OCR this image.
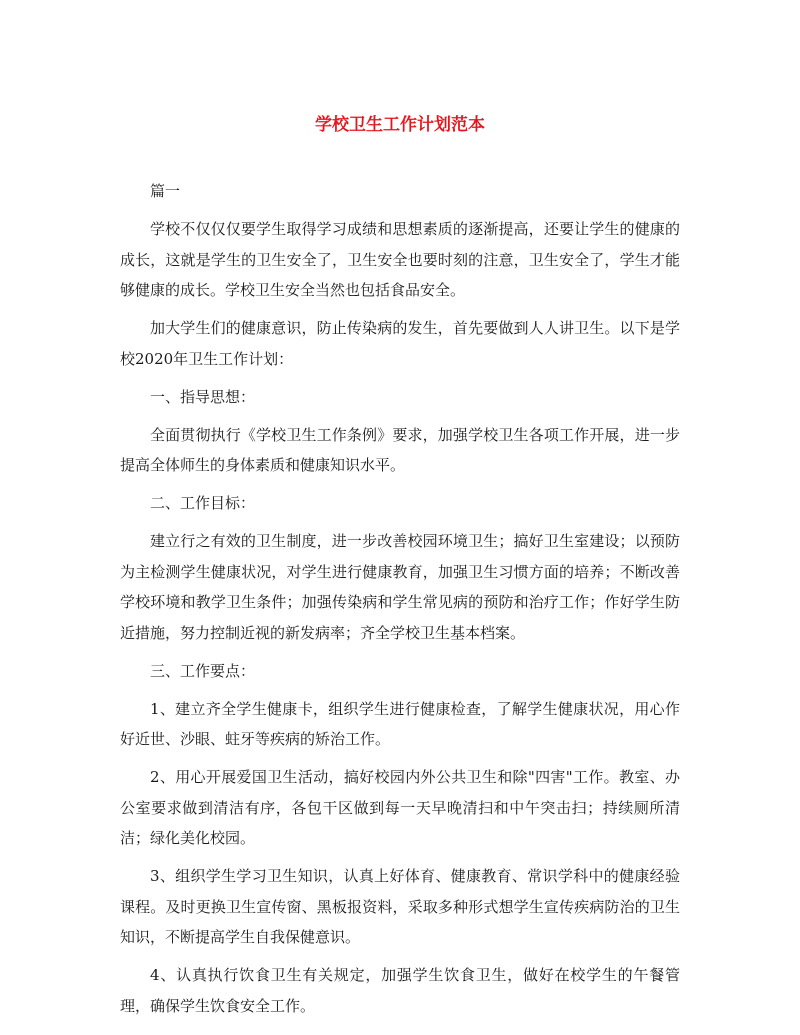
学校卫生工作计划范本

篇一

学校不仅仅仅要学生取得学习成绩和思想素质的逐渐提高，还要让学生的健康的成长，这就是学生的卫生安全了，卫生安全也要时刻的注意，卫生安全了，学生才能够健康的成长。学校卫生安全当然也包括食品安全。

加大学生们的健康意识，防止传染病的发生，首先要做到人人讲卫生。以下是学校2020年卫生工作计划：

一、指导思想：

全面贯彻执行《学校卫生工作条例》要求，加强学校卫生各项工作开展，进一步提高全体师生的身体素质和健康知识水平。

二、工作目标：

建立行之有效的卫生制度，进一步改善校园环境卫生；搞好卫生室建设；以预防为主检测学生健康状况，对学生进行健康教育，加强卫生习惯方面的培养；不断改善学校环境和教学卫生条件；加强传染病和学生常见病的预防和治疗工作；作好学生防近措施，努力控制近视的新发病率；齐全学校卫生基本档案。

三、工作要点：

1、建立齐全学生健康卡，组织学生进行健康检查，了解学生健康状况，用心作好近世、沙眼、蛀牙等疾病的矫治工作。

2、用心开展爱国卫生活动，搞好校园内外公共卫生和除"四害"工作。教室、办公室要求做到清洁有序，各包干区做到每一天早晚清扫和中午突击扫；持续厕所清洁；绿化美化校园。

3、组织学生学习卫生知识，认真上好体育、健康教育、常识学科中的健康经验课程。及时更换卫生宣传窗、黑板报资料，采取多种形式想学生宣传疾病防治的卫生知识，不断提高学生自我保健意识。

4、认真执行饮食卫生有关规定，加强学生饮食卫生，做好在校学生的午餐管理，确保学生饮食安全工作。
